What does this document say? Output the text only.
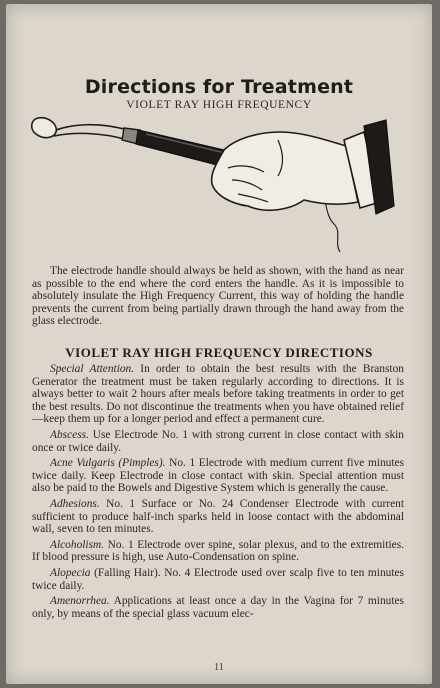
Directions for Treatment
VIOLET RAY HIGH FREQUENCY
The electrode handle should always be held as shown, with the hand as near as possible to the end where the cord enters the handle. As it is impossible to absolutely insulate the High Frequency Current, this way of holding the handle prevents the current from being partially drawn through the hand away from the glass electrode.
VIOLET RAY HIGH FREQUENCY DIRECTIONS

Special Attention. In order to obtain the best results with the Branston Generator the treatment must be taken regularly according to directions. It is always better to wait 2 hours after meals before taking treatments in order to get the best results. Do not discontinue the treatments when you have obtained relief—keep them up for a longer period and effect a permanent cure.

Abscess. Use Electrode No. 1 with strong current in close contact with skin once or twice daily.

Acne Vulgaris (Pimples). No. 1 Electrode with medium current five minutes twice daily. Keep Electrode in close contact with skin. Special attention must also be paid to the Bowels and Digestive System which is generally the cause.

Adhesions. No. 1 Surface or No. 24 Condenser Electrode with current sufficient to produce half-inch sparks held in loose contact with the abdominal wall, seven to ten minutes.

Alcoholism. No. 1 Electrode over spine, solar plexus, and to the extremities. If blood pressure is high, use Auto-Condensation on spine.

Alopecia (Falling Hair). No. 4 Electrode used over scalp five to ten minutes twice daily.

Amenorrhea. Applications at least once a day in the Vagina for 7 minutes only, by means of the special glass vacuum elec-

11
